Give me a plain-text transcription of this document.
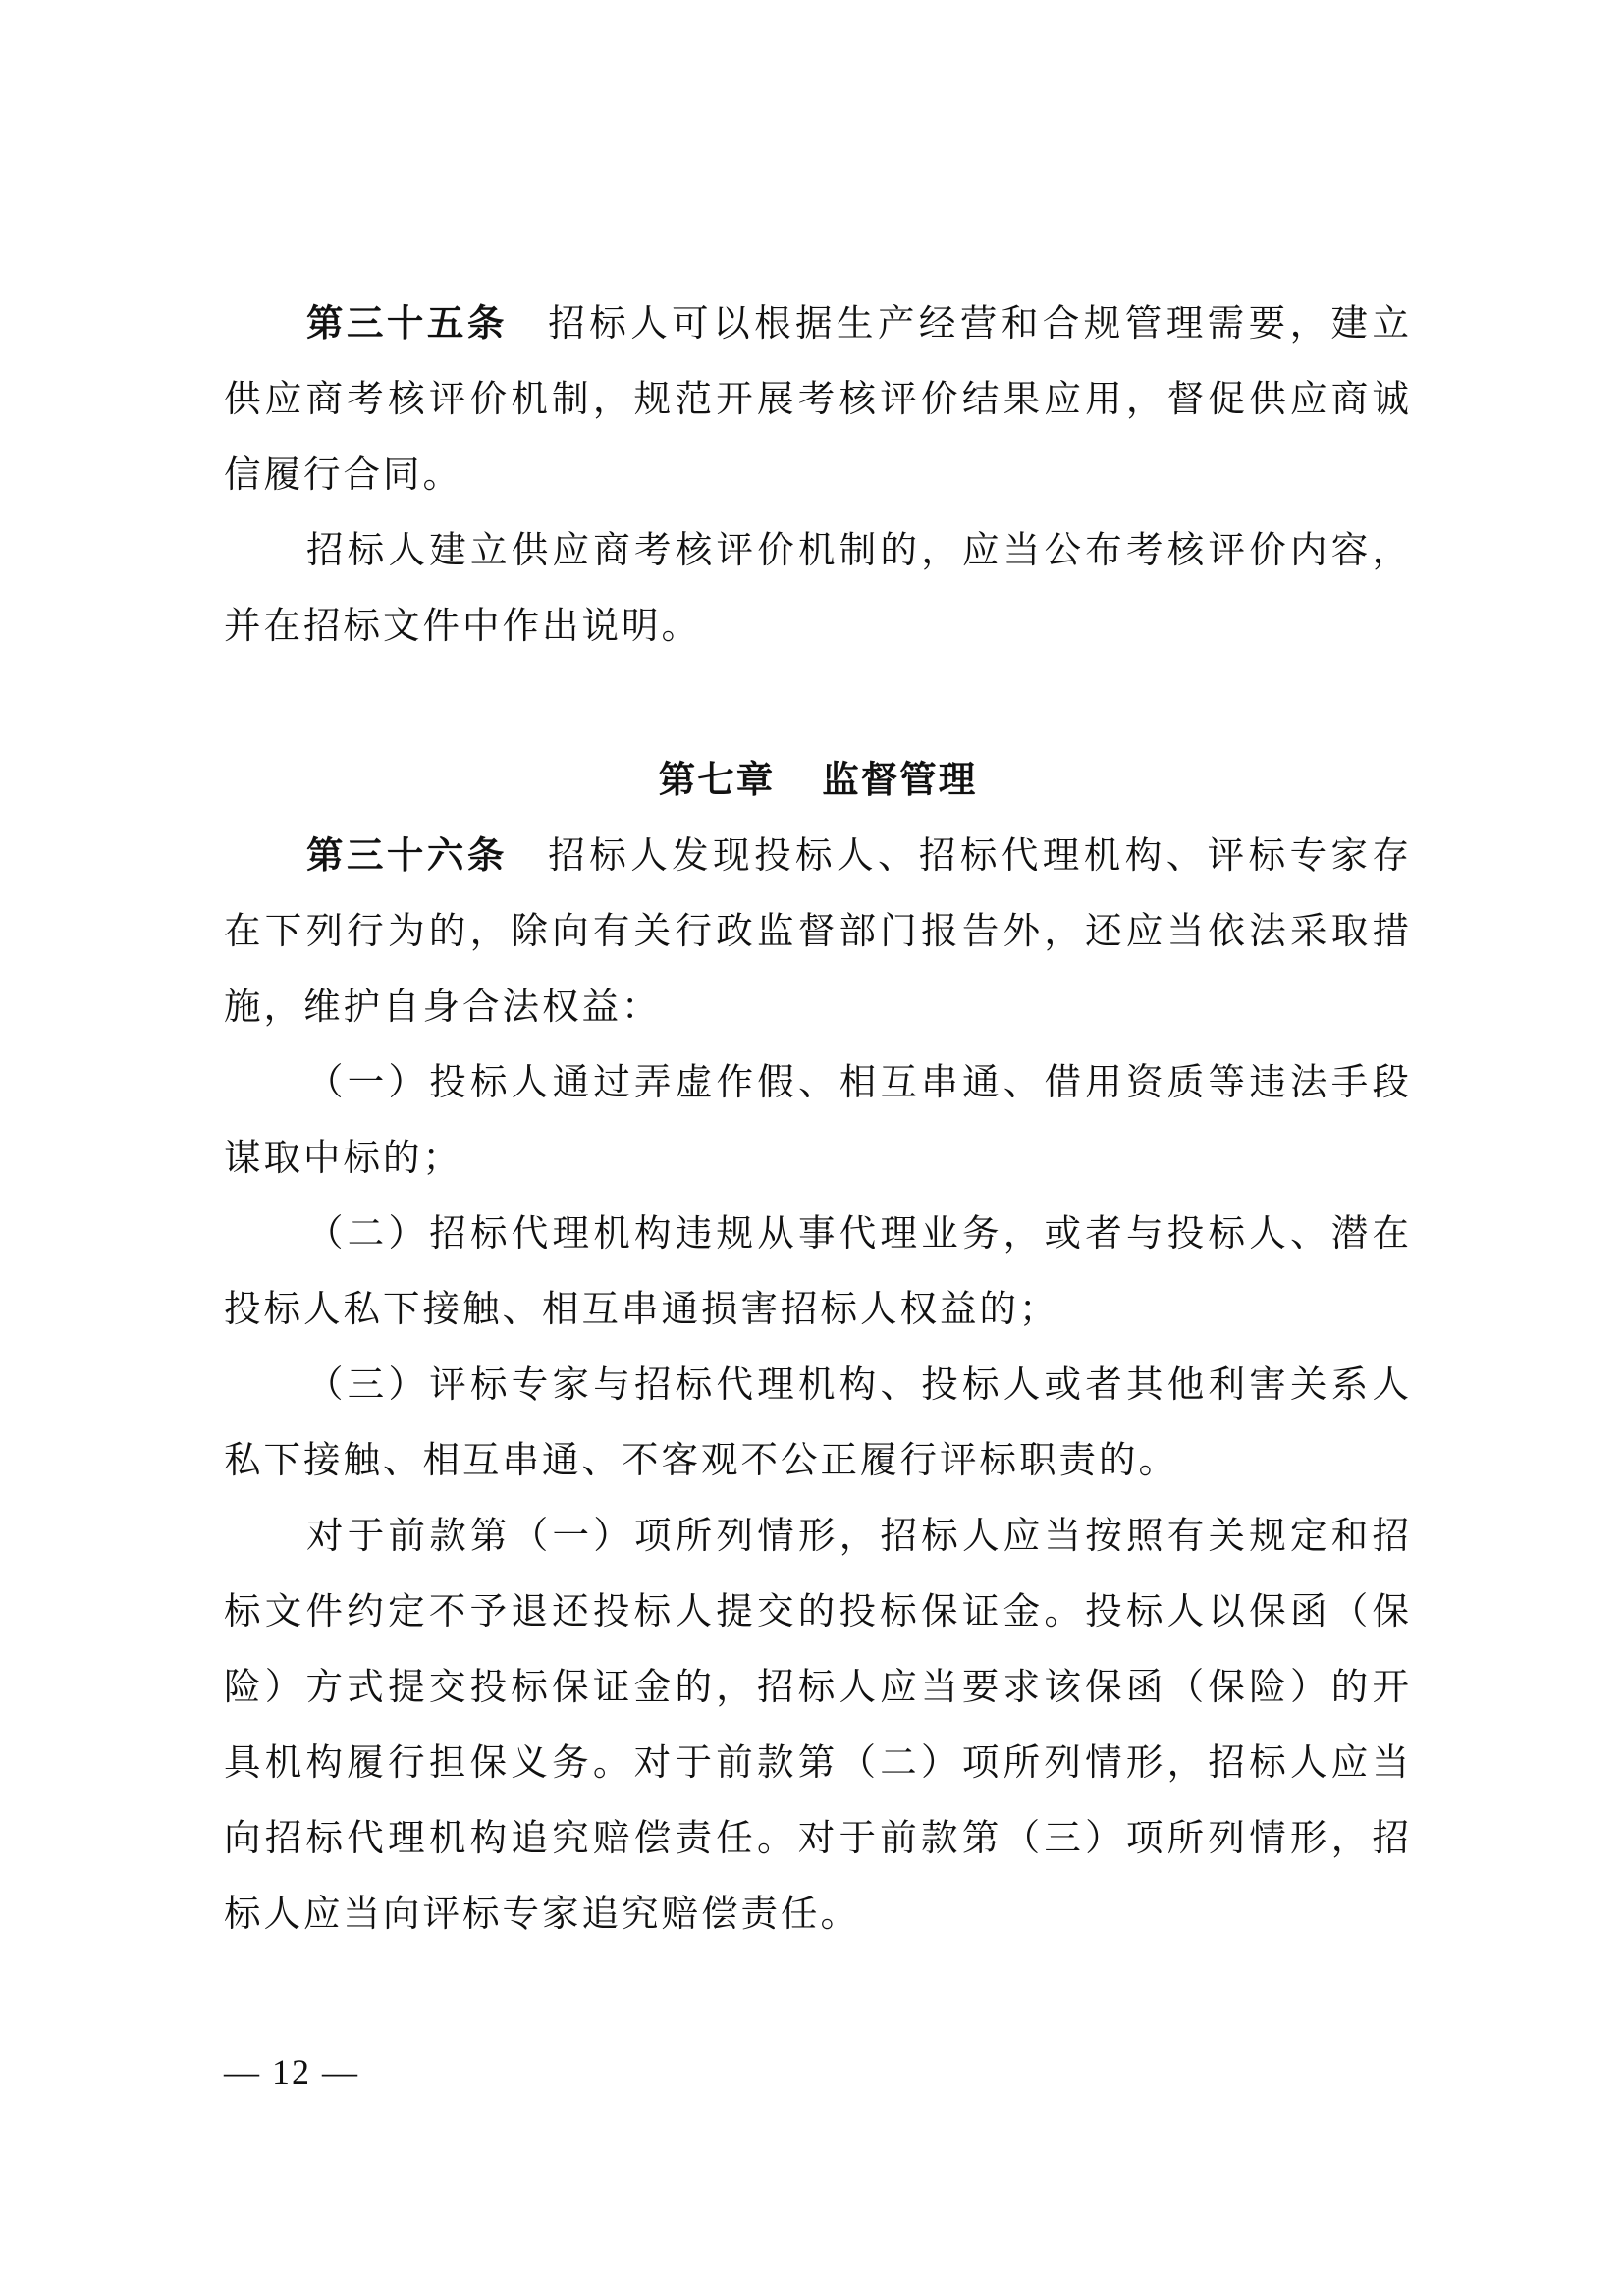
第三十五条 招标人可以根据生产经营和合规管理需要，建立供应商考核评价机制，规范开展考核评价结果应用，督促供应商诚信履行合同。

招标人建立供应商考核评价机制的，应当公布考核评价内容，并在招标文件中作出说明。

第七章 监督管理

第三十六条 招标人发现投标人、招标代理机构、评标专家存在下列行为的，除向有关行政监督部门报告外，还应当依法采取措施，维护自身合法权益：

（一）投标人通过弄虚作假、相互串通、借用资质等违法手段谋取中标的；

（二）招标代理机构违规从事代理业务，或者与投标人、潜在投标人私下接触、相互串通损害招标人权益的；

（三）评标专家与招标代理机构、投标人或者其他利害关系人私下接触、相互串通、不客观不公正履行评标职责的。

对于前款第（一）项所列情形，招标人应当按照有关规定和招标文件约定不予退还投标人提交的投标保证金。投标人以保函（保险）方式提交投标保证金的，招标人应当要求该保函（保险）的开具机构履行担保义务。对于前款第（二）项所列情形，招标人应当向招标代理机构追究赔偿责任。对于前款第（三）项所列情形，招标人应当向评标专家追究赔偿责任。

— 12 —
